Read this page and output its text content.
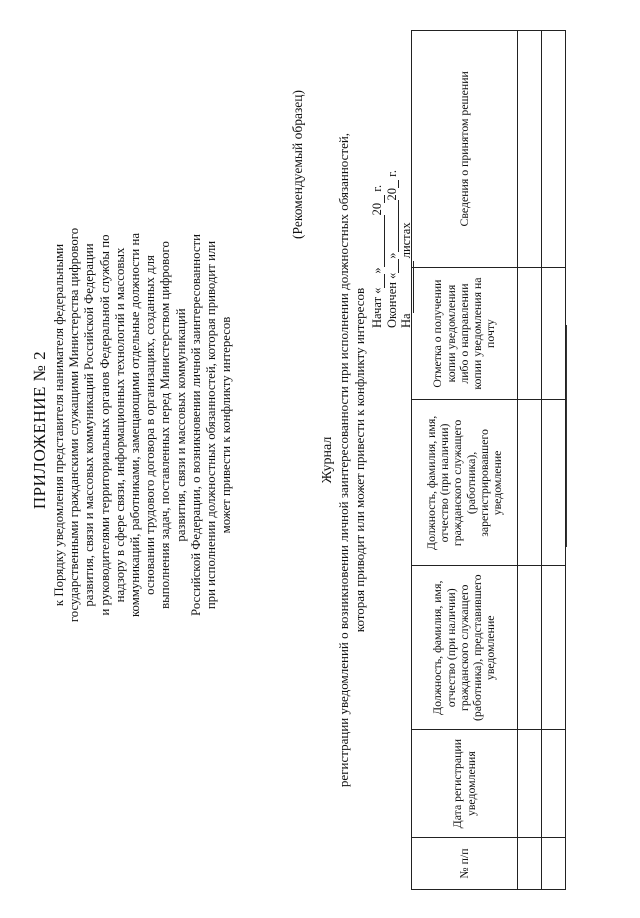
ПРИЛОЖЕНИЕ № 2 к Порядку уведомления представителя нанимателя федеральными государственными гражданскими служащими Министерства цифрового развития, связи и массовых коммуникаций Российской Федерации и руководителями территориальных органов Федеральной службы по надзору в сфере связи, информационных технологий и массовых коммуникаций, работниками, замещающими отдельные должности на основании трудового договора в организациях, созданных для выполнения задач, поставленных перед Министерством цифрового развития, связи и массовых коммуникаций Российской Федерации, о возникновении личной заинтересованности при исполнении должностных обязанностей, которая приводит или может привести к конфликту интересов

(Рекомендуемый образец)
Журнал регистрации уведомлений о возникновении личной заинтересованности при исполнении должностных обязанностей, которая приводит или может привести к конфликту интересов Начат «
»
20

г.
Окончен «
»
20

г.
На

листах
№ п/п	Дата регистрации уведомления	Должность, фамилия, имя, отчество (при наличии) гражданского служащего (работника), представившего уведомление	Должность, фамилия, имя, отчество (при наличии) гражданского служащего (работника), зарегистрировавшего уведомление	Отметка о получении копии уведомления либо о направлении копии уведомления на почту	Сведения о принятом решении
